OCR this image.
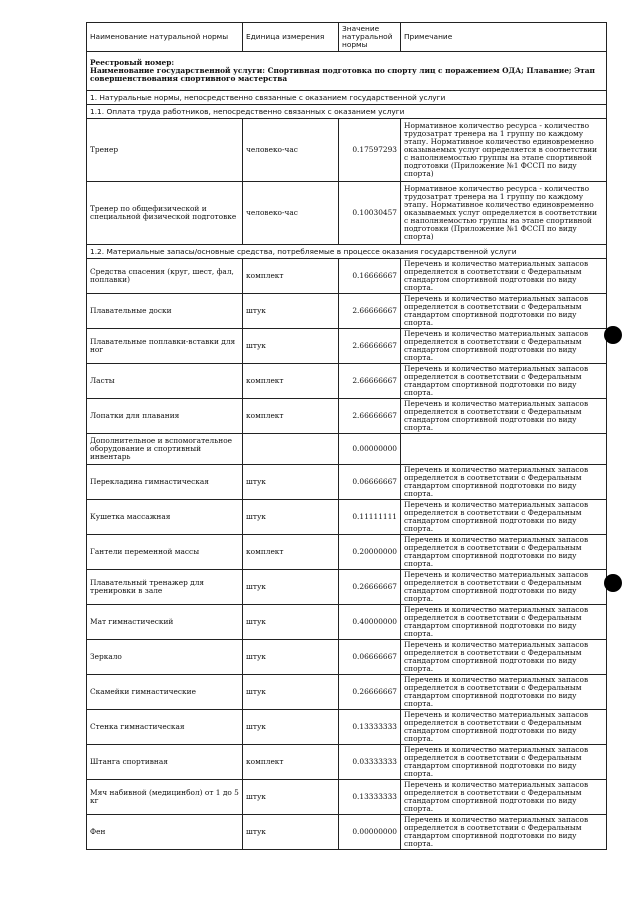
Наименование натуральной нормы	Единица измерения	Значение натуральной нормы	Примечание

Реестровый номер:
Наименование государственной услуги: Спортивная подготовка по спорту лиц с поражением ОДА; Плавание; Этап совершенствования спортивного мастерства			

1. Натуральные нормы, непосредственно связанные с оказанием государственной услуги			
1.1. Оплата труда работников, непосредственно связанных с оказанием услуги			
Тренер	человеко-час	0.17597293	Нормативное количество ресурса - количество трудозатрат тренера на 1 группу по каждому этапу. Нормативное количество единовременно оказываемых услуг определяется в соответствии с наполняемостью группы на этапе спортивной подготовки (Приложение №1 ФССП по виду спорта)
Тренер по общефизической и специальной физической подготовке	человеко-час	0.10030457	Нормативное количество ресурса - количество трудозатрат тренера на 1 группу по каждому этапу. Нормативное количество единовременно оказываемых услуг определяется в соответствии с наполняемостью группы на этапе спортивной подготовки (Приложение №1 ФССП по виду спорта)
1.2. Материальные запасы/основные средства, потребляемые в процессе оказания государственной услуги			
Средства спасения (круг, шест, фал, поплавки)	комплект	0.16666667	Перечень и количество материальных запасов определяется в соответствии с Федеральным стандартом спортивной подготовки по виду спорта.
Плавательные доски	штук	2.66666667	Перечень и количество материальных запасов определяется в соответствии с Федеральным стандартом спортивной подготовки по виду спорта.
Плавательные поплавки-вставки для ног	штук	2.66666667	Перечень и количество материальных запасов определяется в соответствии с Федеральным стандартом спортивной подготовки по виду спорта.
Ласты	комплект	2.66666667	Перечень и количество материальных запасов определяется в соответствии с Федеральным стандартом спортивной подготовки по виду спорта.
Лопатки для плавания	комплект	2.66666667	Перечень и количество материальных запасов определяется в соответствии с Федеральным стандартом спортивной подготовки по виду спорта.
Дополнительное и вспомогательное оборудование и спортивный инвентарь		0.00000000	
Перекладина гимнастическая	штук	0.06666667	Перечень и количество материальных запасов определяется в соответствии с Федеральным стандартом спортивной подготовки по виду спорта.
Кушетка массажная	штук	0.11111111	Перечень и количество материальных запасов определяется в соответствии с Федеральным стандартом спортивной подготовки по виду спорта.
Гантели переменной массы	комплект	0.20000000	Перечень и количество материальных запасов определяется в соответствии с Федеральным стандартом спортивной подготовки по виду спорта.
Плавательный тренажер для тренировки в зале	штук	0.26666667	Перечень и количество материальных запасов определяется в соответствии с Федеральным стандартом спортивной подготовки по виду спорта.
Мат гимнастический	штук	0.40000000	Перечень и количество материальных запасов определяется в соответствии с Федеральным стандартом спортивной подготовки по виду спорта.
Зеркало	штук	0.06666667	Перечень и количество материальных запасов определяется в соответствии с Федеральным стандартом спортивной подготовки по виду спорта.
Скамейки гимнастические	штук	0.26666667	Перечень и количество материальных запасов определяется в соответствии с Федеральным стандартом спортивной подготовки по виду спорта.
Стенка гимнастическая	штук	0.13333333	Перечень и количество материальных запасов определяется в соответствии с Федеральным стандартом спортивной подготовки по виду спорта.
Штанга спортивная	комплект	0.03333333	Перечень и количество материальных запасов определяется в соответствии с Федеральным стандартом спортивной подготовки по виду спорта.
Мяч набивной (медицинбол) от 1 до 5 кг	штук	0.13333333	Перечень и количество материальных запасов определяется в соответствии с Федеральным стандартом спортивной подготовки по виду спорта.
Фен	штук	0.00000000	Перечень и количество материальных запасов определяется в соответствии с Федеральным стандартом спортивной подготовки по виду спорта.
